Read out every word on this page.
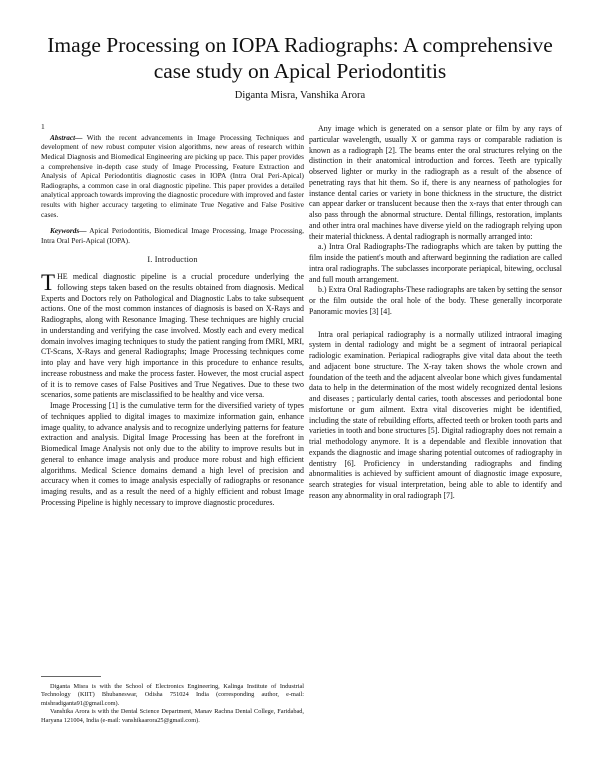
Image Processing on IOPA Radiographs: A comprehensive case study on Apical Periodontitis
Diganta Misra, Vanshika Arora

1

Abstract— With the recent advancements in Image Processing Techniques and development of new robust computer vision algorithms, new areas of research within Medical Diagnosis and Biomedical Engineering are picking up pace. This paper provides a comprehensive in-depth case study of Image Processing, Feature Extraction and Analysis of Apical Periodontitis diagnostic cases in IOPA (Intra Oral Peri-Apical) Radiographs, a common case in oral diagnostic pipeline. This paper provides a detailed analytical approach towards improving the diagnostic procedure with improved and faster results with higher accuracy targeting to eliminate True Negative and False Positive cases.

Keywords— Apical Periodontitis, Biomedical Image Processing, Image Processing, Intra Oral Peri-Apical (IOPA).

I. Introduction

THE medical diagnostic pipeline is a crucial procedure underlying the following steps taken based on the results obtained from diagnosis. Medical Experts and Doctors rely on Pathological and Diagnostic Labs to take subsequent actions. One of the most common instances of diagnosis is based on X-Rays and Radiographs, along with Resonance Imaging. These techniques are highly crucial in understanding and verifying the case involved. Mostly each and every medical domain involves imaging techniques to study the patient ranging from fMRI, MRI, CT-Scans, X-Rays and general Radiographs; Image Processing techniques come into play and have very high importance in this procedure to enhance results, increase robustness and make the process faster. However, the most crucial aspect of it is to remove cases of False Positives and True Negatives. Due to these two scenarios, some patients are misclassified to be healthy and vice versa.

Image Processing [1] is the cumulative term for the diversified variety of types of techniques applied to digital images to maximize information gain, enhance image quality, to advance analysis and to recognize underlying patterns for feature extraction and analysis. Digital Image Processing has been at the forefront in Biomedical Image Analysis not only due to the ability to improve results but in general to enhance image analysis and produce more robust and high efficient algorithms. Medical Science domains demand a high level of precision and accuracy when it comes to image analysis especially of radiographs or resonance imaging results, and as a result the need of a highly efficient and robust Image Processing Pipeline is highly necessary to improve diagnostic procedures.

Diganta Misra is with the School of Electronics Engineering, Kalinga Institute of Industrial Technology (KIIT) Bhubaneswar, Odisha 751024 India (corresponding author, e-mail: mishradiganta91@gmail.com).

Vanshika Arora is with the Dental Science Department, Manav Rachna Dental College, Faridabad, Haryana 121004, India (e-mail: vanshikaarora25@gmail.com).

Any image which is generated on a sensor plate or film by any rays of particular wavelength, usually X or gamma rays or comparable radiation is known as a radiograph [2]. The beams enter the oral structures relying on the distinction in their anatomical introduction and forces. Teeth are typically observed lighter or murky in the radiograph as a result of the absence of penetrating rays that hit them. So if, there is any nearness of pathologies for instance dental caries or variety in bone thickness in the structure, the district can appear darker or translucent because then the x-rays that enter through can also pass through the abnormal structure. Dental fillings, restoration, implants and other intra oral machines have diverse yield on the radiograph relying upon their material thickness. A dental radiograph is normally arranged into:

a.) Intra Oral Radiographs-The radiographs which are taken by putting the film inside the patient's mouth and afterward beginning the radiation are called intra oral radiographs. The subclasses incorporate periapical, bitewing, occlusal and full mouth arrangement.

b.) Extra Oral Radiographs-These radiographs are taken by setting the sensor or the film outside the oral hole of the body. These generally incorporate Panoramic movies [3] [4].

Intra oral periapical radiography is a normally utilized intraoral imaging system in dental radiology and might be a segment of intraoral periapical radiologic examination. Periapical radiographs give vital data about the teeth and adjacent bone structure. The X-ray taken shows the whole crown and foundation of the teeth and the adjacent alveolar bone which gives fundamental data to help in the determination of the most widely recognized dental lesions and diseases ; particularly dental caries, tooth abscesses and periodontal bone misfortune or gum ailment. Extra vital discoveries might be identified, including the state of rebuilding efforts, affected teeth or broken tooth parts and varieties in tooth and bone structures [5]. Digital radiography does not remain a trial methodology anymore. It is a dependable and flexible innovation that expands the diagnostic and image sharing potential outcomes of radiography in dentistry [6]. Proficiency in understanding radiographs and finding abnormalities is achieved by sufficient amount of diagnostic image exposure, search strategies for visual interpretation, being able to able to identify and reason any abnormality in oral radiograph [7].
